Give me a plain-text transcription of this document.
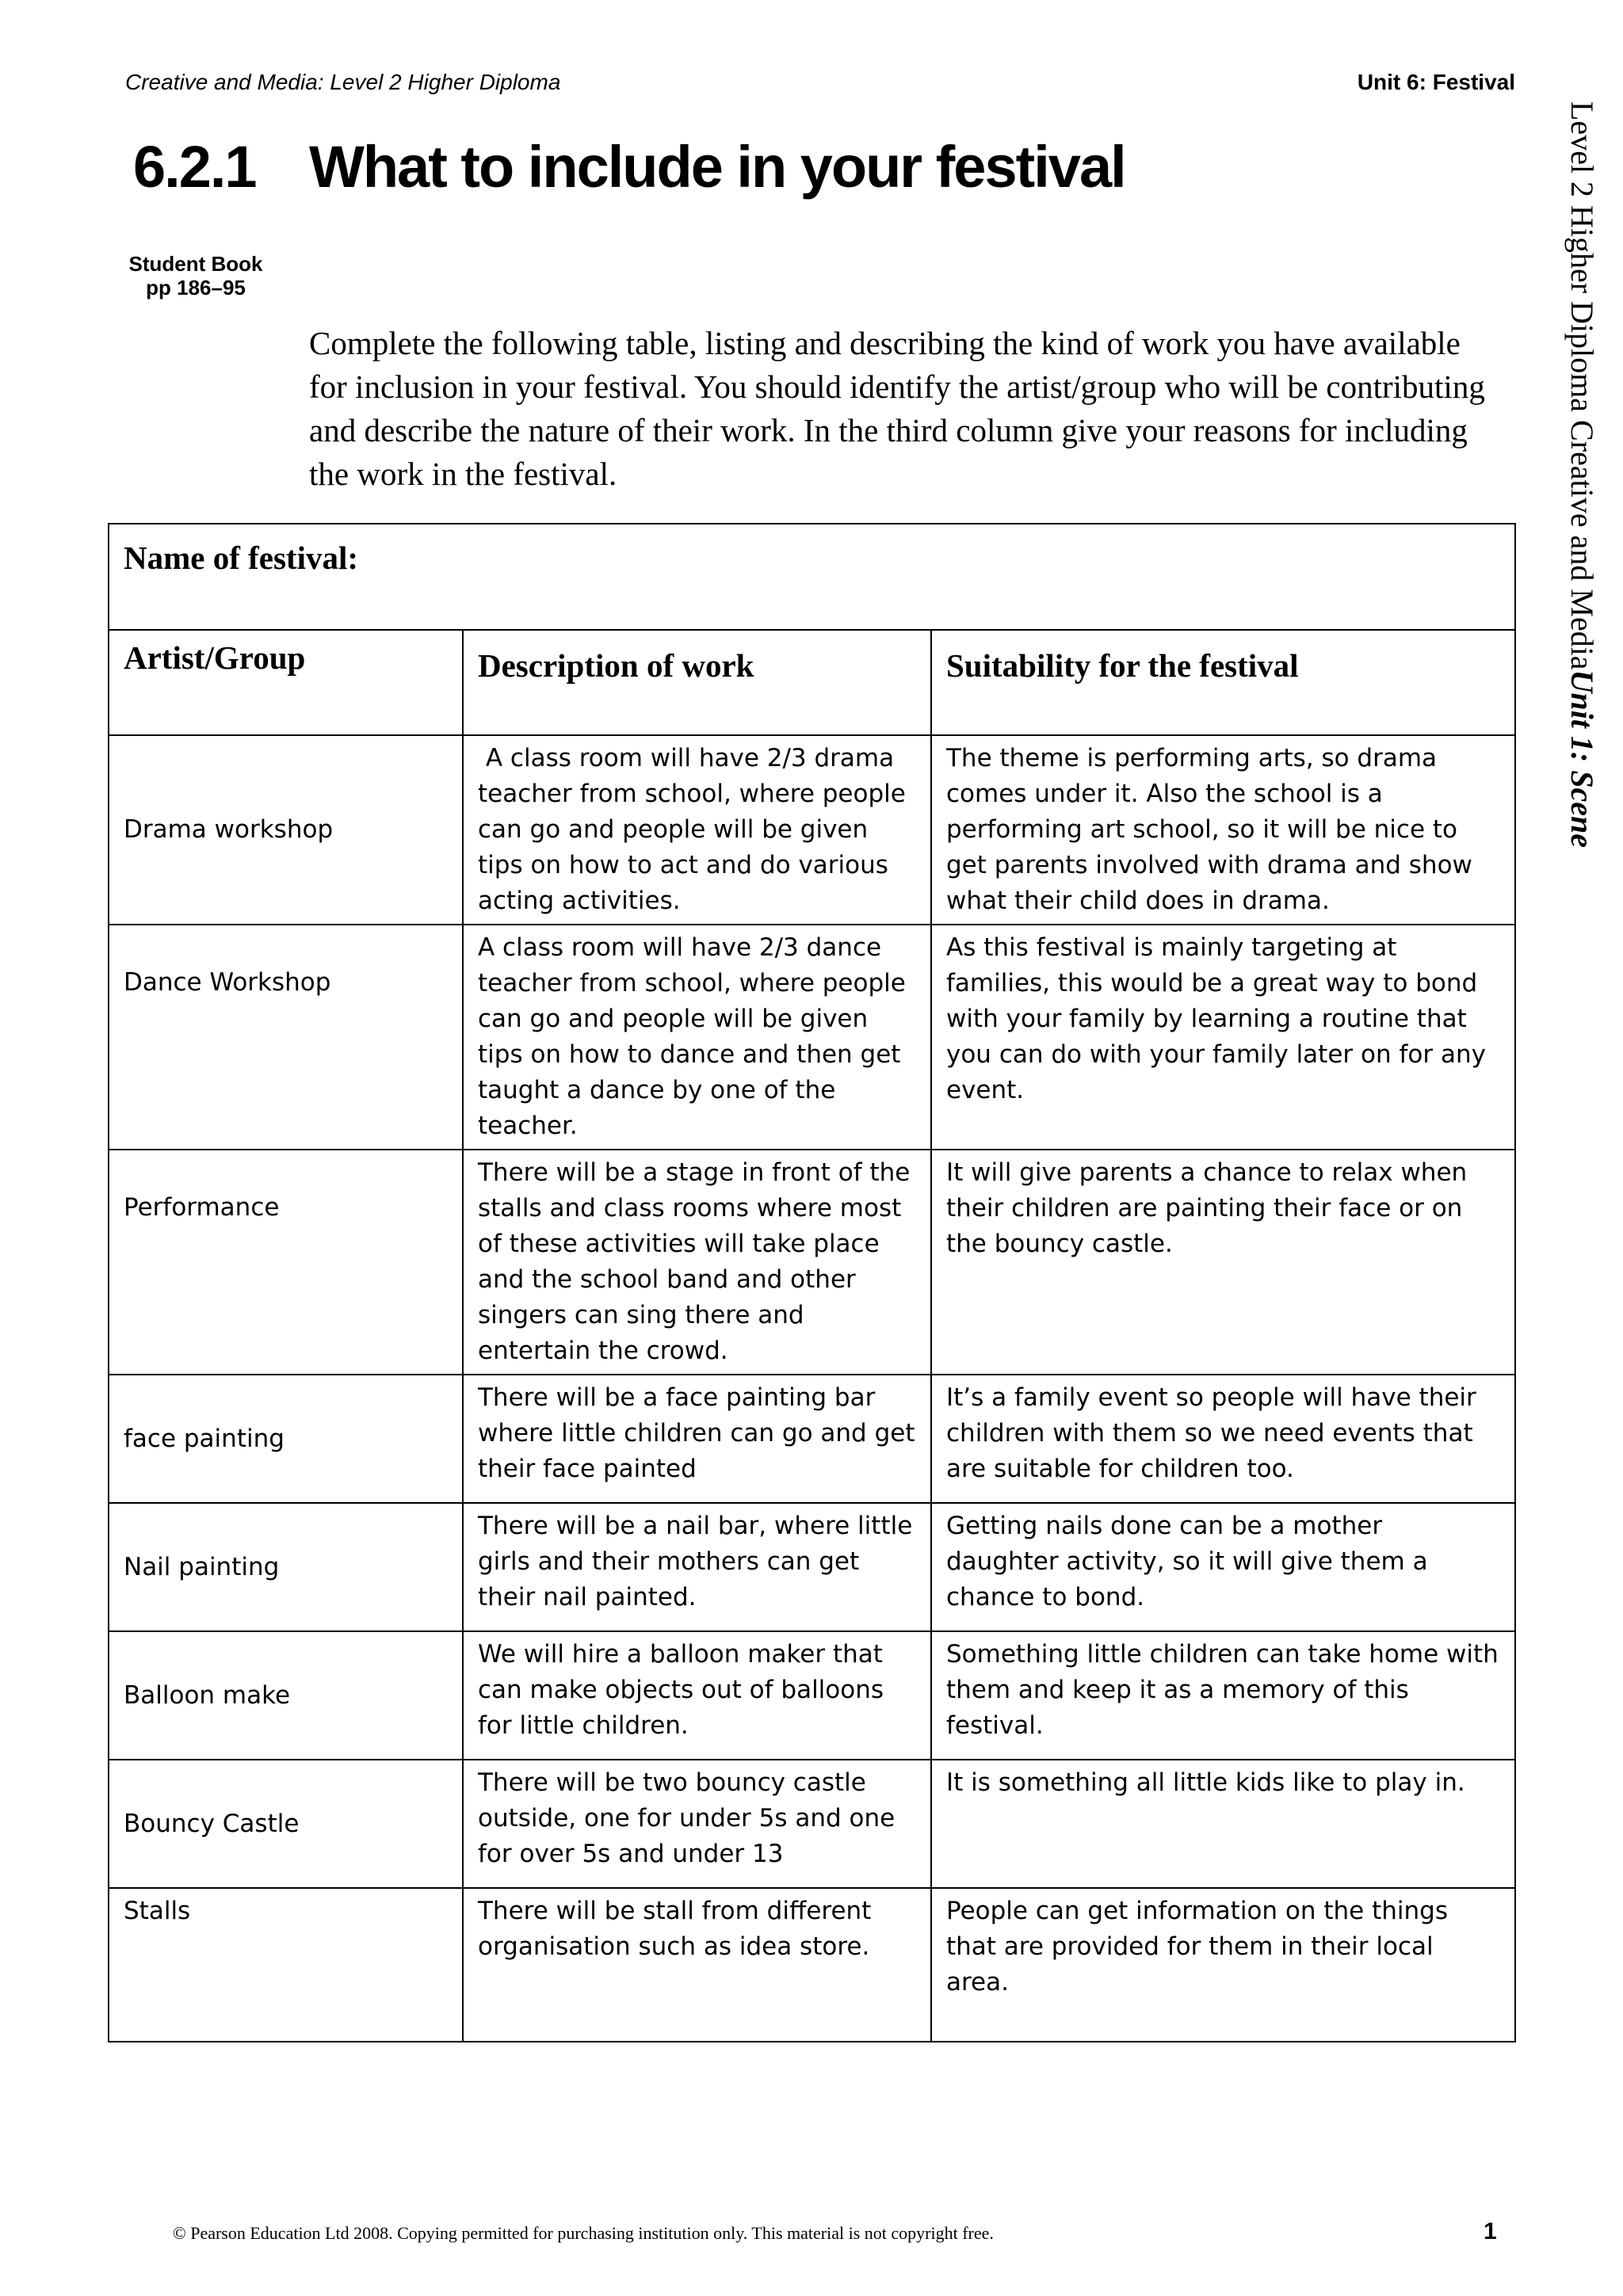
Creative and Media: Level 2 Higher Diploma	Unit 6: Festival
6.2.1 What to include in your festival
Student Book
pp 186–95
Complete the following table, listing and describing the kind of work you have available for inclusion in your festival. You should identify the artist/group who will be contributing and describe the nature of their work. In the third column give your reasons for including the work in the festival.	Level 2 Higher Diploma Creative and MediaUnit 1: Scene
Name of festival:		
Artist/Group	Description of work	Suitability for the festival
Drama workshop	A class room will have 2/3 drama teacher from school, where people can go and people will be given tips on how to act and do various acting activities.	The theme is performing arts, so drama comes under it. Also the school is a performing art school, so it will be nice to get parents involved with drama and show what their child does in drama.
Dance Workshop	A class room will have 2/3 dance teacher from school, where people can go and people will be given tips on how to dance and then get taught a dance by one of the teacher.	As this festival is mainly targeting at families, this would be a great way to bond with your family by learning a routine that you can do with your family later on for any event.
Performance	There will be a stage in front of the stalls and class rooms where most of these activities will take place and the school band and other singers can sing there and entertain the crowd.	It will give parents a chance to relax when their children are painting their face or on the bouncy castle.
face painting	There will be a face painting bar where little children can go and get their face painted	It’s a family event so people will have their children with them so we need events that are suitable for children too.
Nail painting	There will be a nail bar, where little girls and their mothers can get their nail painted.	Getting nails done can be a mother daughter activity, so it will give them a chance to bond.
Balloon make	We will hire a balloon maker that can make objects out of balloons for little children.	Something little children can take home with them and keep it as a memory of this festival.
Bouncy Castle	There will be two bouncy castle outside, one for under 5s and one for over 5s and under 13	It is something all little kids like to play in.
Stalls	There will be stall from different organisation such as idea store.	People can get information on the things that are provided for them in their local area.
© Pearson Education Ltd 2008. Copying permitted for purchasing institution only. This material is not copyright free.	1
